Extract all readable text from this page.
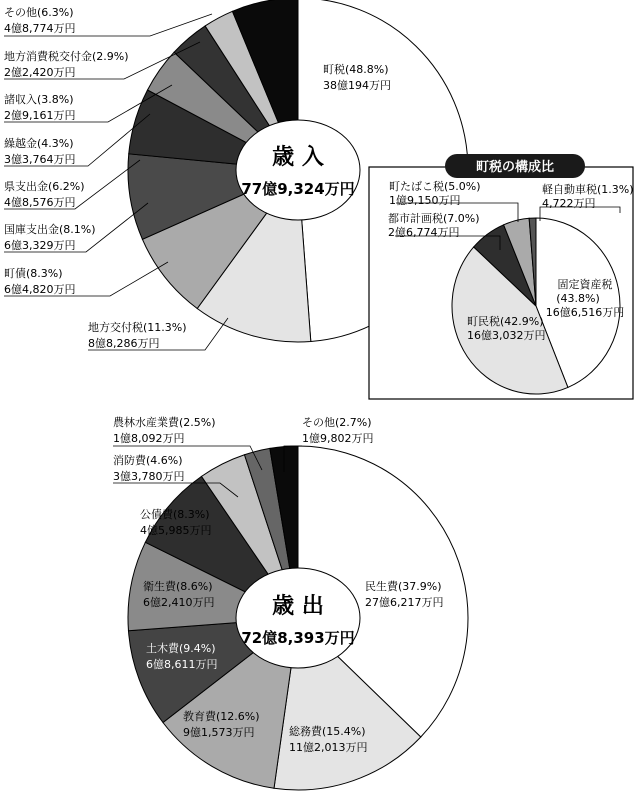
歳 入
77億9,324万円
町税(48.8%)
38億194万円
地方交付税(11.3%)
8億8,286万円
町債(8.3%)
6億4,820万円
国庫支出金(8.1%)
6億3,329万円
県支出金(6.2%)
4億8,576万円
繰越金(4.3%)
3億3,764万円
諸収入(3.8%)
2億9,161万円
地方消費税交付金(2.9%)
2億2,420万円
その他(6.3%)
4億8,774万円
町税の構成比
固定資産税
(43.8%)
16億6,516万円
町民税(42.9%)
16億3,032万円
都市計画税(7.0%)
2億6,774万円
町たばこ税(5.0%)
1億9,150万円
軽自動車税(1.3%)
4,722万円
歳 出
72億8,393万円
民生費(37.9%)
27億6,217万円
総務費(15.4%)
11億2,013万円
教育費(12.6%)
9億1,573万円
土木費(9.4%)
6億8,611万円
衛生費(8.6%)
6億2,410万円
公債費(8.3%)
4億5,985万円
消防費(4.6%)
3億3,780万円
農林水産業費(2.5%)
1億8,092万円
その他(2.7%)
1億9,802万円
